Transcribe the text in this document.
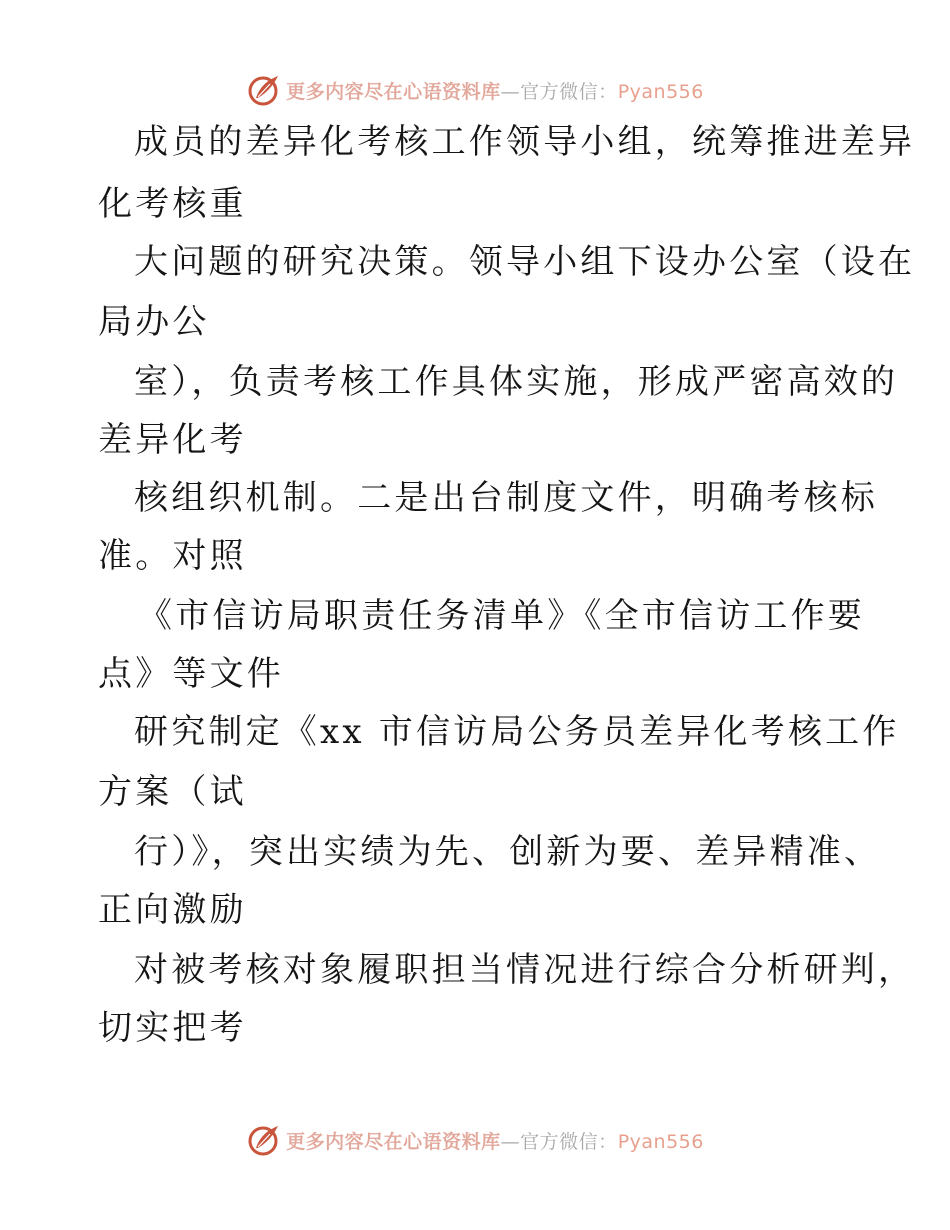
更多内容尽在心语资料库—官方微信：Pyan556
成员的差异化考核工作领导小组，统筹推进差异
化考核重
大问题的研究决策。领导小组下设办公室（设在
局办公
室），负责考核工作具体实施，形成严密高效的
差异化考
核组织机制。二是出台制度文件，明确考核标
准。对照
《市信访局职责任务清单》《全市信访工作要
点》等文件
研究制定《xx 市信访局公务员差异化考核工作
方案（试
行）》，突出实绩为先、创新为要、差异精准、
正向激励
对被考核对象履职担当情况进行综合分析研判，
切实把考
更多内容尽在心语资料库—官方微信：Pyan556
